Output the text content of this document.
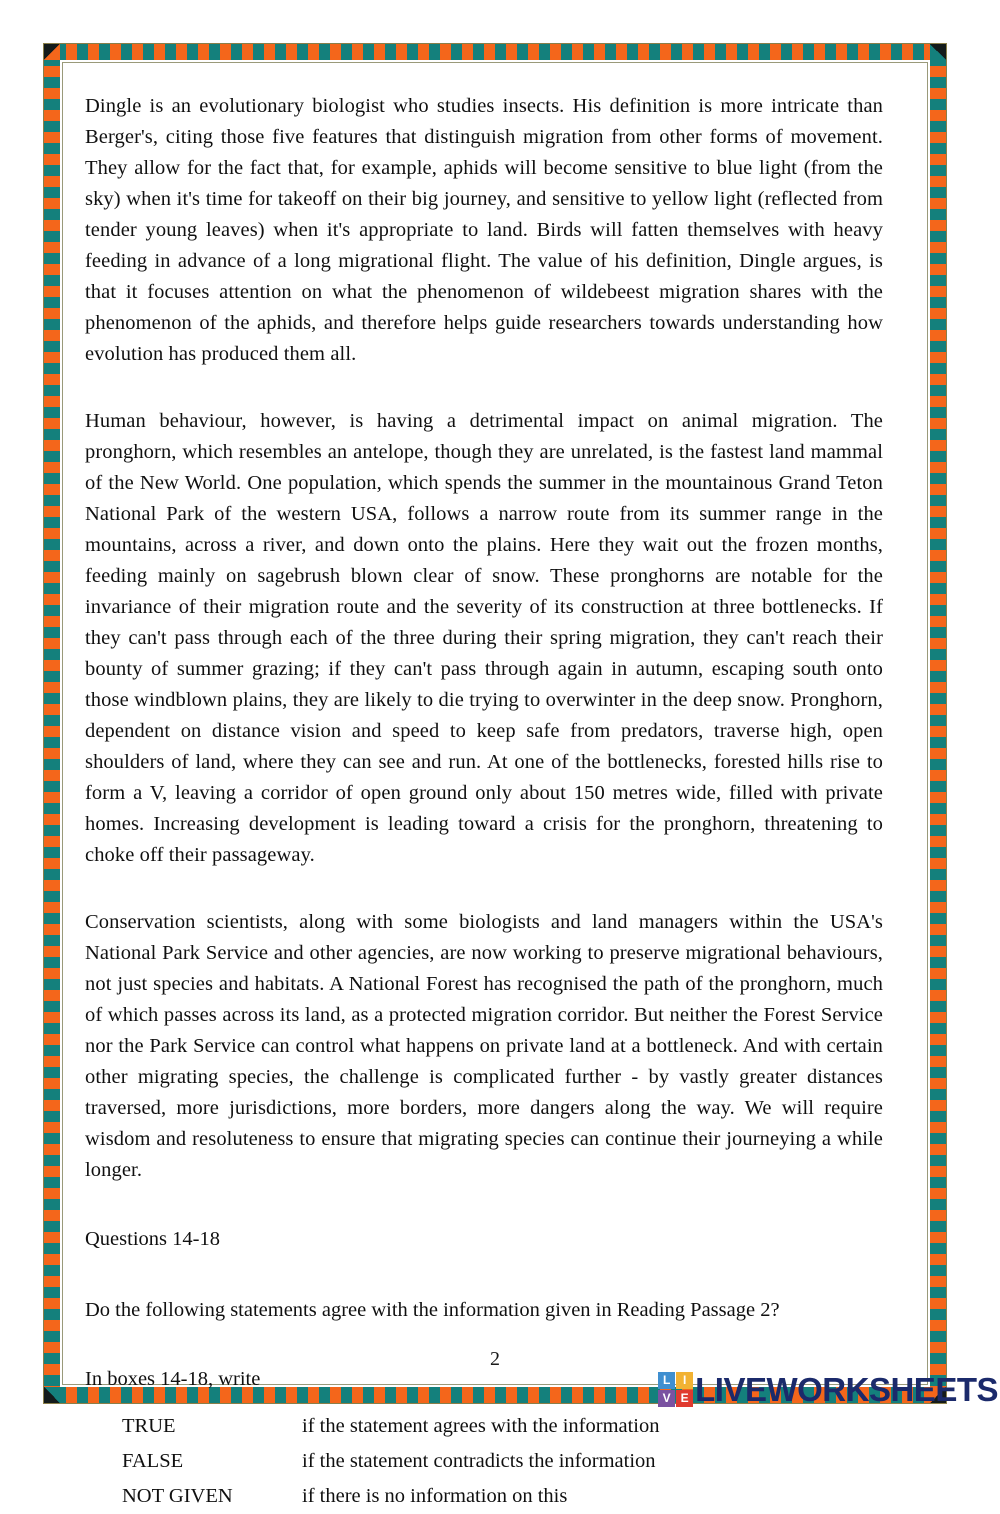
Dingle is an evolutionary biologist who studies insects. His definition is more intricate than Berger's, citing those five features that distinguish migration from other forms of movement. They allow for the fact that, for example, aphids will become sensitive to blue light (from the sky) when it's time for takeoff on their big journey, and sensitive to yellow light (reflected from tender young leaves) when it's appropriate to land. Birds will fatten themselves with heavy feeding in advance of a long migrational flight. The value of his definition, Dingle argues, is that it focuses attention on what the phenomenon of wildebeest migration shares with the phenomenon of the aphids, and therefore helps guide researchers towards understanding how evolution has produced them all.

Human behaviour, however, is having a detrimental impact on animal migration. The pronghorn, which resembles an antelope, though they are unrelated, is the fastest land mammal of the New World. One population, which spends the summer in the mountainous Grand Teton National Park of the western USA, follows a narrow route from its summer range in the mountains, across a river, and down onto the plains. Here they wait out the frozen months, feeding mainly on sagebrush blown clear of snow. These pronghorns are notable for the invariance of their migration route and the severity of its construction at three bottlenecks. If they can't pass through each of the three during their spring migration, they can't reach their bounty of summer grazing; if they can't pass through again in autumn, escaping south onto those windblown plains, they are likely to die trying to overwinter in the deep snow. Pronghorn, dependent on distance vision and speed to keep safe from predators, traverse high, open shoulders of land, where they can see and run. At one of the bottlenecks, forested hills rise to form a V, leaving a corridor of open ground only about 150 metres wide, filled with private homes. Increasing development is leading toward a crisis for the pronghorn, threatening to choke off their passageway.

Conservation scientists, along with some biologists and land managers within the USA's National Park Service and other agencies, are now working to preserve migrational behaviours, not just species and habitats. A National Forest has recognised the path of the pronghorn, much of which passes across its land, as a protected migration corridor. But neither the Forest Service nor the Park Service can control what happens on private land at a bottleneck. And with certain other migrating species, the challenge is complicated further - by vastly greater distances traversed, more jurisdictions, more borders, more dangers along the way. We will require wisdom and resoluteness to ensure that migrating species can continue their journeying a while longer.

Questions 14-18

Do the following statements agree with the information given in Reading Passage 2?

In boxes 14-18, write

TRUE	if the statement agrees with the information
FALSE	if the statement contradicts the information
NOT GIVEN	if there is no information on this
2
L	I
V E LIVEWORKSHEETS
